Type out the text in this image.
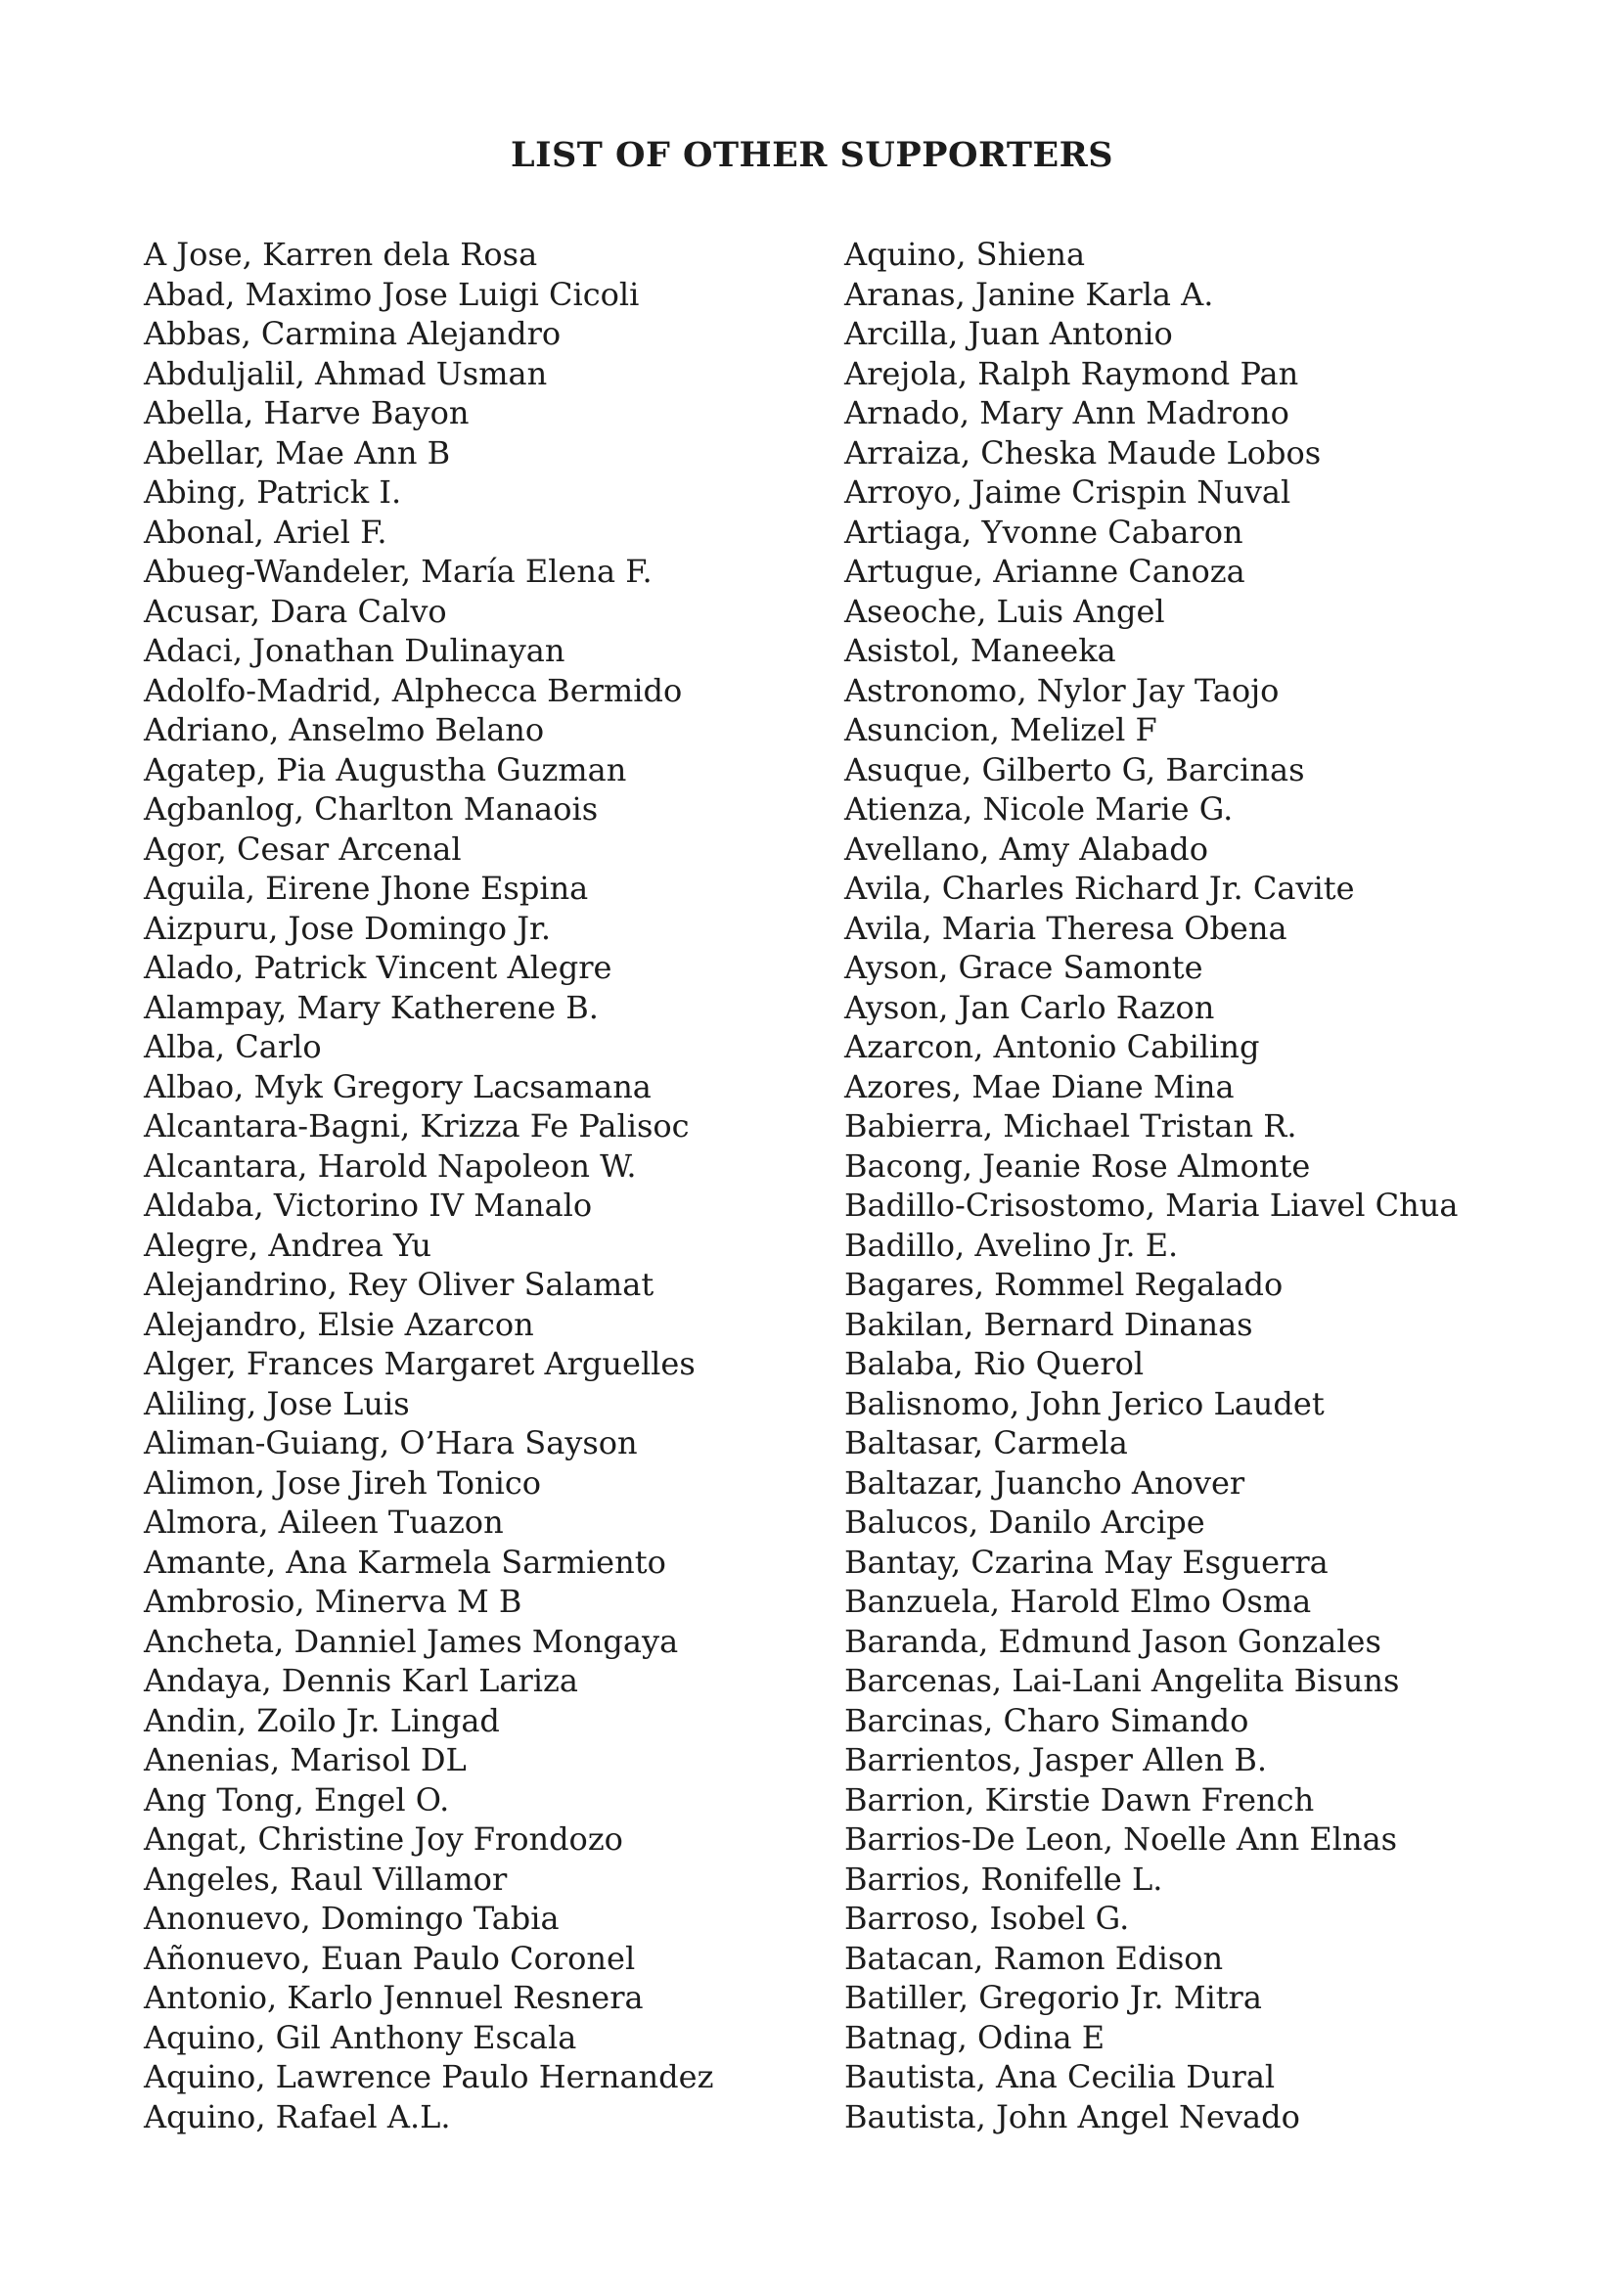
LIST OF OTHER SUPPORTERS
A Jose, Karren dela Rosa
Abad, Maximo Jose Luigi Cicoli
Abbas, Carmina Alejandro
Abduljalil, Ahmad Usman
Abella, Harve Bayon
Abellar, Mae Ann B
Abing, Patrick I.
Abonal, Ariel F.
Abueg-Wandeler, María Elena F.
Acusar, Dara Calvo
Adaci, Jonathan Dulinayan
Adolfo-Madrid, Alphecca Bermido
Adriano, Anselmo Belano
Agatep, Pia Augustha Guzman
Agbanlog, Charlton Manaois
Agor, Cesar Arcenal
Aguila, Eirene Jhone Espina
Aizpuru, Jose Domingo Jr.
Alado, Patrick Vincent Alegre
Alampay, Mary Katherene B.
Alba, Carlo
Albao, Myk Gregory Lacsamana
Alcantara-Bagni, Krizza Fe Palisoc
Alcantara, Harold Napoleon W.
Aldaba, Victorino IV Manalo
Alegre, Andrea Yu
Alejandrino, Rey Oliver Salamat
Alejandro, Elsie Azarcon
Alger, Frances Margaret Arguelles
Aliling, Jose Luis
Aliman-Guiang, O’Hara Sayson
Alimon, Jose Jireh Tonico
Almora, Aileen Tuazon
Amante, Ana Karmela Sarmiento
Ambrosio, Minerva M B
Ancheta, Danniel James Mongaya
Andaya, Dennis Karl Lariza
Andin, Zoilo Jr. Lingad
Anenias, Marisol DL
Ang Tong, Engel O.
Angat, Christine Joy Frondozo
Angeles, Raul Villamor
Anonuevo, Domingo Tabia
Añonuevo, Euan Paulo Coronel
Antonio, Karlo Jennuel Resnera
Aquino, Gil Anthony Escala
Aquino, Lawrence Paulo Hernandez
Aquino, Rafael A.L.
Aquino, Shiena
Aranas, Janine Karla A.
Arcilla, Juan Antonio
Arejola, Ralph Raymond Pan
Arnado, Mary Ann Madrono
Arraiza, Cheska Maude Lobos
Arroyo, Jaime Crispin Nuval
Artiaga, Yvonne Cabaron
Artugue, Arianne Canoza
Aseoche, Luis Angel
Asistol, Maneeka
Astronomo, Nylor Jay Taojo
Asuncion, Melizel F
Asuque, Gilberto G, Barcinas
Atienza, Nicole Marie G.
Avellano, Amy Alabado
Avila, Charles Richard Jr. Cavite
Avila, Maria Theresa Obena
Ayson, Grace Samonte
Ayson, Jan Carlo Razon
Azarcon, Antonio Cabiling
Azores, Mae Diane Mina
Babierra, Michael Tristan R.
Bacong, Jeanie Rose Almonte
Badillo-Crisostomo, Maria Liavel Chua
Badillo, Avelino Jr. E.
Bagares, Rommel Regalado
Bakilan, Bernard Dinanas
Balaba, Rio Querol
Balisnomo, John Jerico Laudet
Baltasar, Carmela
Baltazar, Juancho Anover
Balucos, Danilo Arcipe
Bantay, Czarina May Esguerra
Banzuela, Harold Elmo Osma
Baranda, Edmund Jason Gonzales
Barcenas, Lai-Lani Angelita Bisuns
Barcinas, Charo Simando
Barrientos, Jasper Allen B.
Barrion, Kirstie Dawn French
Barrios-De Leon, Noelle Ann Elnas
Barrios, Ronifelle L.
Barroso, Isobel G.
Batacan, Ramon Edison
Batiller, Gregorio Jr. Mitra
Batnag, Odina E
Bautista, Ana Cecilia Dural
Bautista, John Angel Nevado
